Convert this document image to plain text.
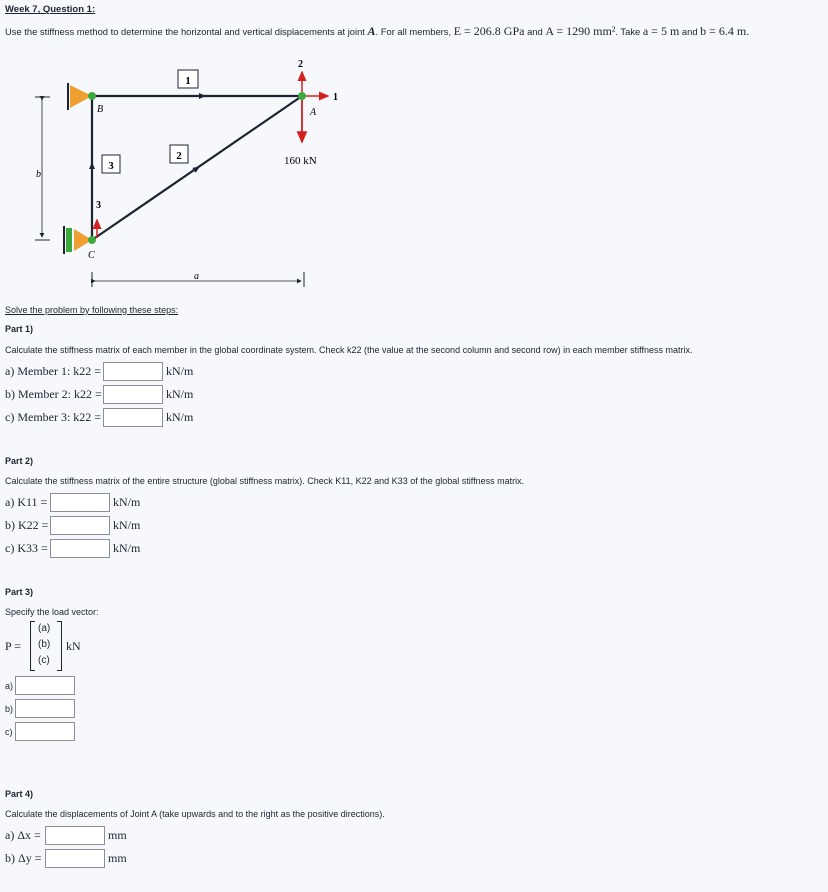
Week 7, Question 1:
Use the stiffness method to determine the horizontal and vertical displacements at joint A. For all members, E = 206.8 GPa and A = 1290 mm². Take a = 5 m and b = 6.4 m.
b
a
1
2
3
3
160 kN
1
2
B	A
C
Solve the problem by following these steps:
Part 1)
Calculate the stiffness matrix of each member in the global coordinate system. Check k22 (the value at the second column and second row) in each member stiffness matrix.
a) Member 1: k22 =	kN/m
b) Member 2: k22 =	kN/m
c) Member 3: k22 =	kN/m
Part 2)
Calculate the stiffness matrix of the entire structure (global stiffness matrix). Check K11, K22 and K33 of the global stiffness matrix.
a) K11 =	kN/m
b) K22 =	kN/m
c) K33 =	kN/m
Part 3)
Specify the load vector:
P =
(a)
(b)
(c)
kN
a)
b)
c)
Part 4)
Calculate the displacements of Joint A (take upwards and to the right as the positive directions).
a) Δx =	mm
b) Δy =	mm
